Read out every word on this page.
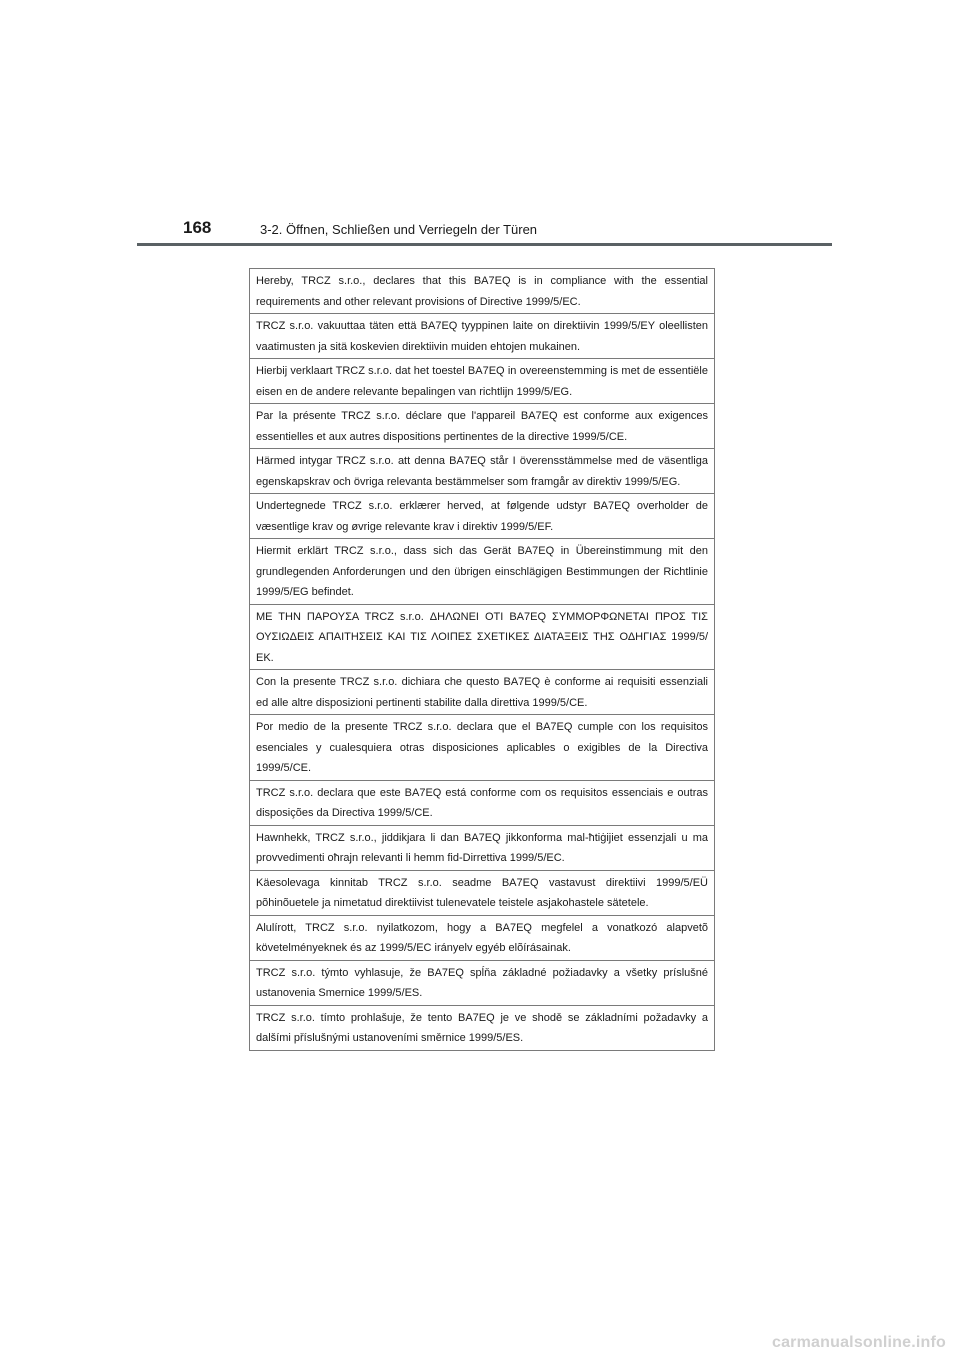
168	3-2. Öffnen, Schließen und Verriegeln der Türen
Hereby, TRCZ s.r.o., declares that this BA7EQ is in compliance with the essential requirements and other relevant provisions of Directive 1999/5/EC.
TRCZ s.r.o. vakuuttaa täten että BA7EQ tyyppinen laite on direktiivin 1999/5/EY oleellisten vaatimusten ja sitä koskevien direktiivin muiden ehtojen mukainen.
Hierbij verklaart TRCZ s.r.o. dat het toestel BA7EQ in overeenstemming is met de essentiële eisen en de andere relevante bepalingen van richtlijn 1999/5/EG.
Par la présente TRCZ s.r.o. déclare que l'appareil BA7EQ est conforme aux exigences essentielles et aux autres dispositions pertinentes de la directive 1999/5/CE.
Härmed intygar TRCZ s.r.o. att denna BA7EQ står I överensstämmelse med de väsentliga egenskapskrav och övriga relevanta bestämmelser som framgår av direktiv 1999/5/EG.
Undertegnede TRCZ s.r.o. erklærer herved, at følgende udstyr BA7EQ overholder de væsentlige krav og øvrige relevante krav i direktiv 1999/5/EF.
Hiermit erklärt TRCZ s.r.o., dass sich das Gerät BA7EQ in Übereinstimmung mit den grundlegenden Anforderungen und den übrigen einschlägigen Bestimmungen der Richtlinie 1999/5/EG befindet.
ΜΕ ΤΗΝ ΠΑΡΟΥΣΑ TRCZ s.r.o. ΔΗΛΩΝΕΙ ΟΤΙ BA7EQ ΣΥΜΜΟΡΦΩΝΕΤΑΙ ΠΡΟΣ ΤΙΣ ΟΥΣΙΩΔΕΙΣ ΑΠΑΙΤΗΣΕΙΣ ΚΑΙ ΤΙΣ ΛΟΙΠΕΣ ΣΧΕΤΙΚΕΣ ΔΙΑΤΑΞΕΙΣ ΤΗΣ ΟΔΗΓΙΑΣ 1999/5/ΕΚ.
Con la presente TRCZ s.r.o. dichiara che questo BA7EQ è conforme ai requisiti essenziali ed alle altre disposizioni pertinenti stabilite dalla direttiva 1999/5/CE.
Por medio de la presente TRCZ s.r.o. declara que el BA7EQ cumple con los requisitos esenciales y cualesquiera otras disposiciones aplicables o exigibles de la Directiva 1999/5/CE.
TRCZ s.r.o. declara que este BA7EQ está conforme com os requisitos essenciais e outras disposições da Directiva 1999/5/CE.
Hawnhekk, TRCZ s.r.o., jiddikjara li dan BA7EQ jikkonforma mal-ħtiġijiet essenzjali u ma provvedimenti oħrajn relevanti li hemm fid-Dirrettiva 1999/5/EC.
Käesolevaga kinnitab TRCZ s.r.o. seadme BA7EQ vastavust direktiivi 1999/5/EÜ põhinõuetele ja nimetatud direktiivist tulenevatele teistele asjakohastele sätetele.
Alulírott, TRCZ s.r.o. nyilatkozom, hogy a BA7EQ megfelel a vonatkozó alapvetõ követelményeknek és az 1999/5/EC irányelv egyéb elõírásainak.
TRCZ s.r.o. týmto vyhlasuje, že BA7EQ spĺňa základné požiadavky a všetky príslušné ustanovenia Smernice 1999/5/ES.
TRCZ s.r.o. tímto prohlašuje, že tento BA7EQ je ve shodě se základními požadavky a dalšími příslušnými ustanoveními směrnice 1999/5/ES.
carmanualsonline.info
